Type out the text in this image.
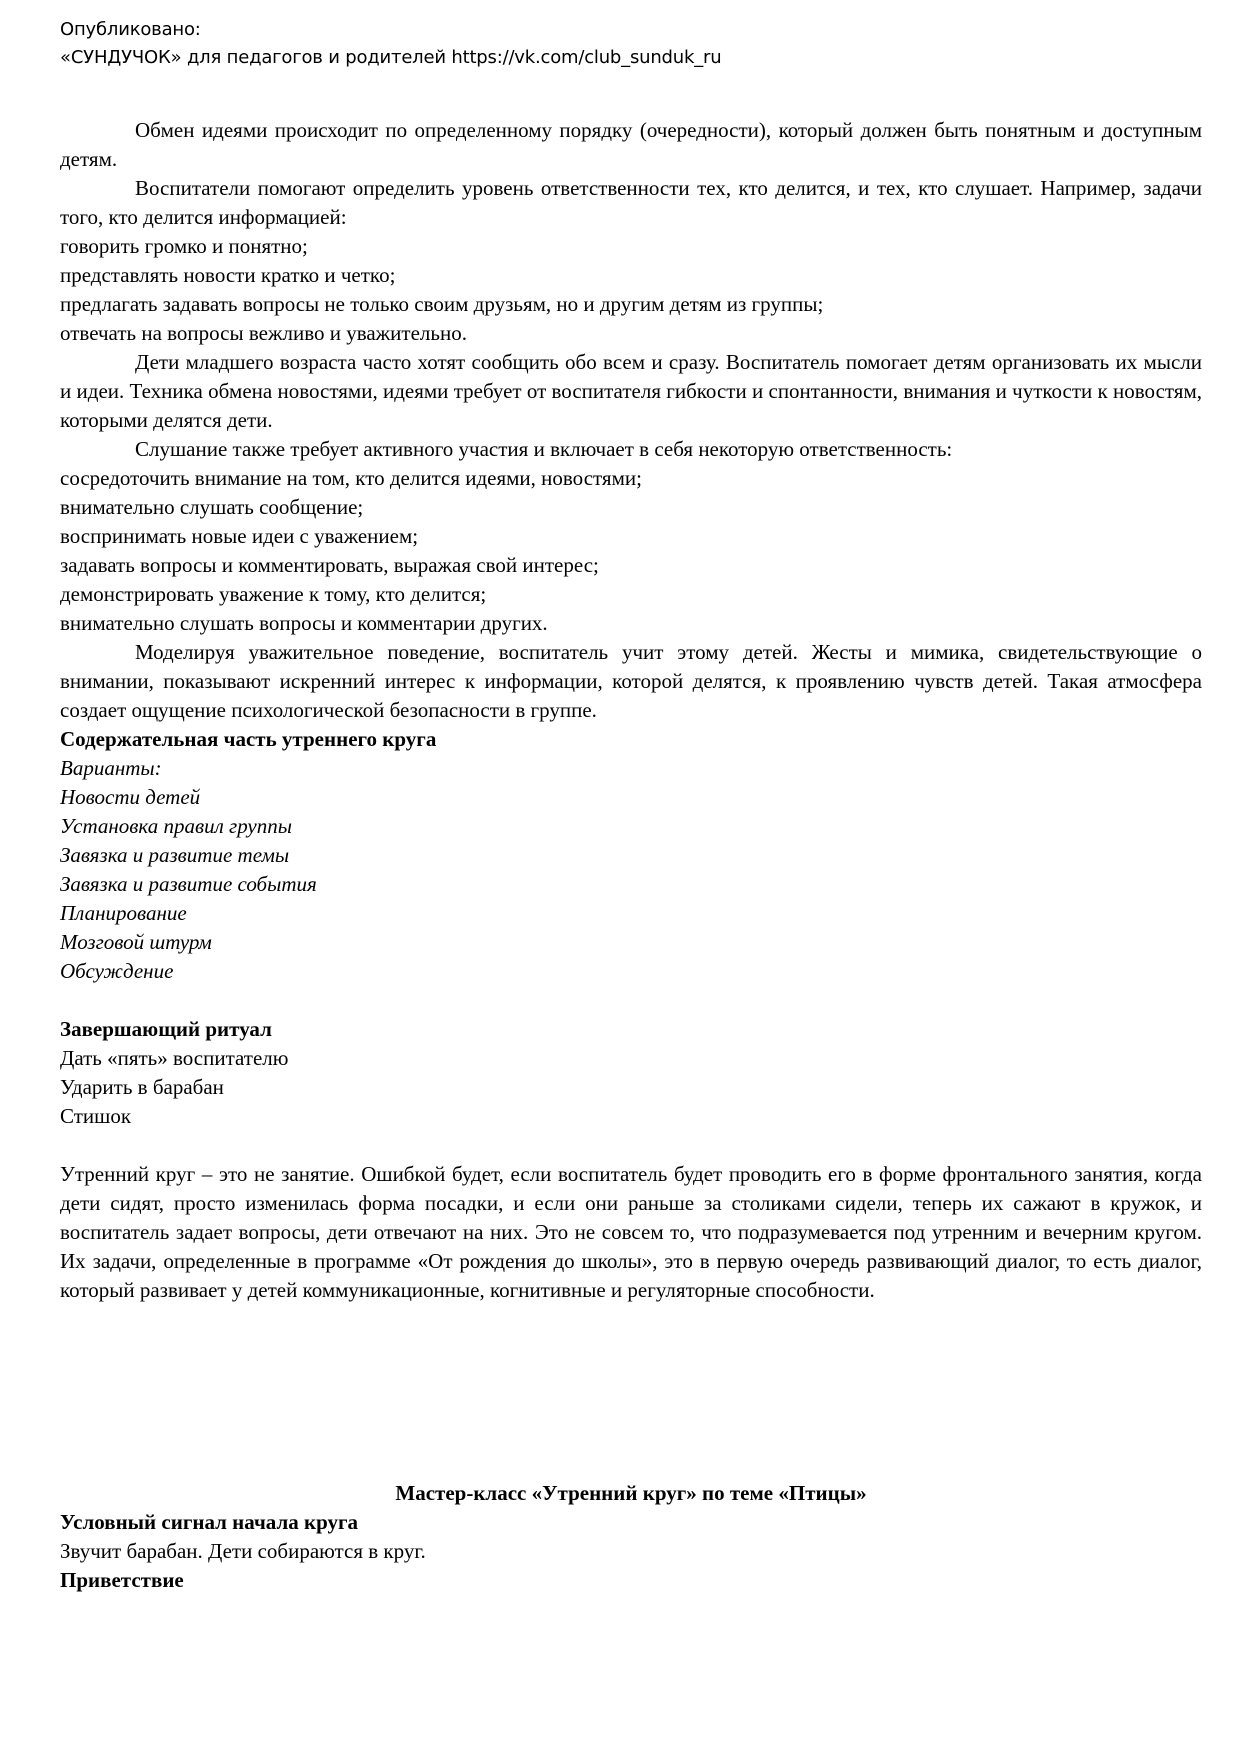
Опубликовано:
«СУНДУЧОК» для педагогов и родителей https://vk.com/club_sunduk_ru

Обмен идеями происходит по определенному порядку (очередности), который должен быть понятным и доступным детям.

Воспитатели помогают определить уровень ответственности тех, кто делится, и тех, кто слушает. Например, задачи того, кто делится информацией:

говорить громко и понятно;
представлять новости кратко и четко;
предлагать задавать вопросы не только своим друзьям, но и другим детям из группы;
отвечать на вопросы вежливо и уважительно.

Дети младшего возраста часто хотят сообщить обо всем и сразу. Воспитатель помогает детям организовать их мысли и идеи. Техника обмена новостями, идеями требует от воспитателя гибкости и спонтанности, внимания и чуткости к новостям, которыми делятся дети.

Слушание также требует активного участия и включает в себя некоторую ответственность:

сосредоточить внимание на том, кто делится идеями, новостями;
внимательно слушать сообщение;
воспринимать новые идеи с уважением;
задавать вопросы и комментировать, выражая свой интерес;
демонстрировать уважение к тому, кто делится;
внимательно слушать вопросы и комментарии других.

Моделируя уважительное поведение, воспитатель учит этому детей. Жесты и мимика, свидетельствующие о внимании, показывают искренний интерес к информации, которой делятся, к проявлению чувств детей. Такая атмосфера создает ощущение психологической безопасности в группе.

Содержательная часть утреннего круга

Варианты:

Новости детей
Установка правил группы
Завязка и развитие темы
Завязка и развитие события
Планирование
Мозговой штурм
Обсуждение

Завершающий ритуал

Дать «пять» воспитателю
Ударить в барабан
Стишок

Утренний круг – это не занятие. Ошибкой будет, если воспитатель будет проводить его в форме фронтального занятия, когда дети сидят, просто изменилась форма посадки, и если они раньше за столиками сидели, теперь их сажают в кружок, и воспитатель задает вопросы, дети отвечают на них. Это не совсем то, что подразумевается под утренним и вечерним кругом. Их задачи, определенные в программе «От рождения до школы», это в первую очередь развивающий диалог, то есть диалог, который развивает у детей коммуникационные, когнитивные и регуляторные способности.

Мастер-класс «Утренний круг» по теме «Птицы»

Условный сигнал начала круга

Звучит барабан. Дети собираются в круг.

Приветствие
